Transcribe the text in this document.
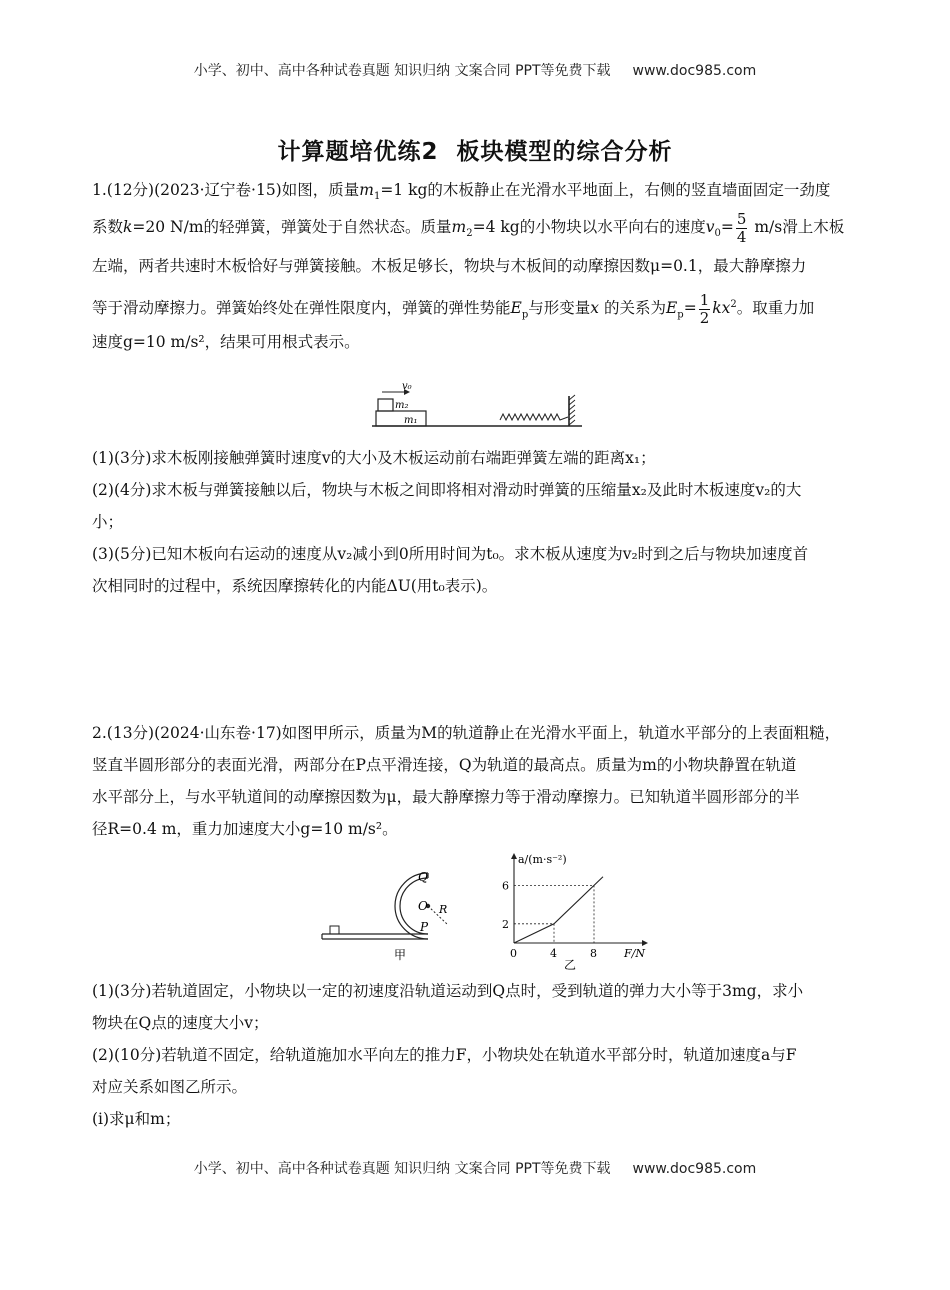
小学、初中、高中各种试卷真题 知识归纳 文案合同 PPT等免费下载 www.doc985.com
计算题培优练2 板块模型的综合分析
1.(12分)(2023·辽宁卷·15)如图，质量$m_1=1$ kg的木板静止在光滑水平地面上，右侧的竖直墙面固定一劲度
系数k=20 N/m的轻弹簧，弹簧处于自然状态。质量$m_2=4$ kg的小物块以水平向右的速度$v_0= \frac{5}{4} m/s$滑上木板
左端，两者共速时木板恰好与弹簧接触。木板足够长，物块与木板间的动摩擦因数μ=0.1，最大静摩擦力
等于滑动摩擦力。弹簧始终处在弹性限度内，弹簧的弹性势能$E_p$与形变量x 的关系为$E_p= \frac{1}{2} kx^2$。取重力加
速度g=10 m/s²，结果可用根式表示。
v₀
m₂
m₁
(1)(3分)求木板刚接触弹簧时速度v的大小及木板运动前右端距弹簧左端的距离x₁；
(2)(4分)求木板与弹簧接触以后，物块与木板之间即将相对滑动时弹簧的压缩量x₂及此时木板速度v₂的大
小；
(3)(5分)已知木板向右运动的速度从v₂减小到0所用时间为t₀。求木板从速度为v₂时到之后与物块加速度首
次相同时的过程中，系统因摩擦转化的内能ΔU(用t₀表示)。
2.(13分)(2024·山东卷·17)如图甲所示，质量为M的轨道静止在光滑水平面上，轨道水平部分的上表面粗糙，
竖直半圆形部分的表面光滑，两部分在P点平滑连接，Q为轨道的最高点。质量为m的小物块静置在轨道
水平部分上，与水平轨道间的动摩擦因数为μ，最大静摩擦力等于滑动摩擦力。已知轨道半圆形部分的半
径R=0.4 m，重力加速度大小g=10 m/s²。
Q
O R
P
甲
a/(m·s⁻²)
F/N
乙
0	4	8
2
6
(1)(3分)若轨道固定，小物块以一定的初速度沿轨道运动到Q点时，受到轨道的弹力大小等于3mg，求小
物块在Q点的速度大小v；
(2)(10分)若轨道不固定，给轨道施加水平向左的推力F，小物块处在轨道水平部分时，轨道加速度a与F
对应关系如图乙所示。
(ⅰ)求μ和m；
小学、初中、高中各种试卷真题 知识归纳 文案合同 PPT等免费下载 www.doc985.com
